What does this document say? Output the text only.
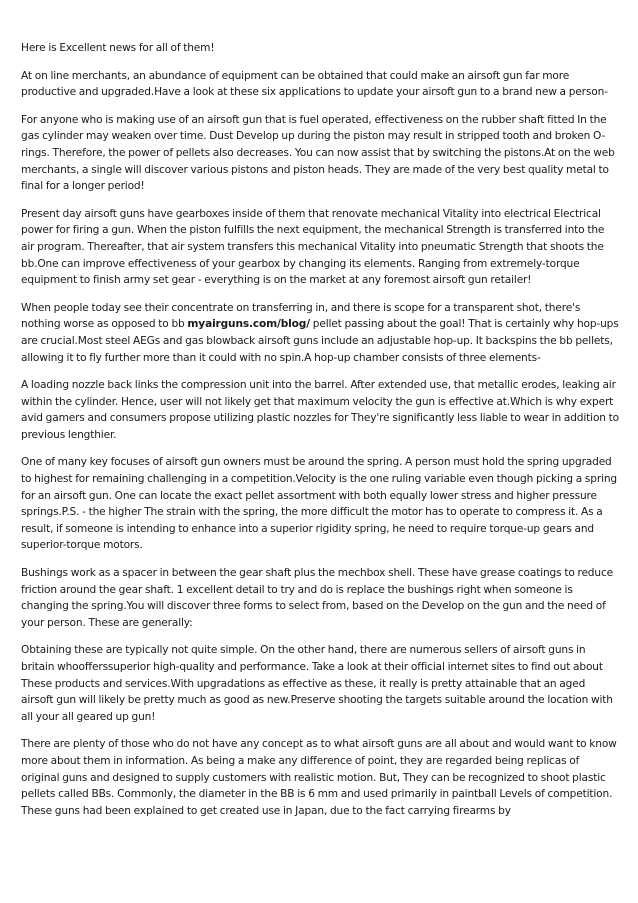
Here is Excellent news for all of them!

At on line merchants, an abundance of equipment can be obtained that could make an airsoft gun far more productive and upgraded.Have a look at these six applications to update your airsoft gun to a brand new a person-

For anyone who is making use of an airsoft gun that is fuel operated, effectiveness on the rubber shaft fitted In the gas cylinder may weaken over time. Dust Develop up during the piston may result in stripped tooth and broken O-rings. Therefore, the power of pellets also decreases. You can now assist that by switching the pistons.At on the web merchants, a single will discover various pistons and piston heads. They are made of the very best quality metal to final for a longer period!

Present day airsoft guns have gearboxes inside of them that renovate mechanical Vitality into electrical Electrical power for firing a gun. When the piston fulfills the next equipment, the mechanical Strength is transferred into the air program. Thereafter, that air system transfers this mechanical Vitality into pneumatic Strength that shoots the bb.One can improve effectiveness of your gearbox by changing its elements. Ranging from extremely-torque equipment to finish army set gear - everything is on the market at any foremost airsoft gun retailer!

When people today see their concentrate on transferring in, and there is scope for a transparent shot, there's nothing worse as opposed to bb myairguns.com/blog/ pellet passing about the goal! That is certainly why hop-ups are crucial.Most steel AEGs and gas blowback airsoft guns include an adjustable hop-up. It backspins the bb pellets, allowing it to fly further more than it could with no spin.A hop-up chamber consists of three elements-

A loading nozzle back links the compression unit into the barrel. After extended use, that metallic erodes, leaking air within the cylinder. Hence, user will not likely get that maximum velocity the gun is effective at.Which is why expert avid gamers and consumers propose utilizing plastic nozzles for They're significantly less liable to wear in addition to previous lengthier.

One of many key focuses of airsoft gun owners must be around the spring. A person must hold the spring upgraded to highest for remaining challenging in a competition.Velocity is the one ruling variable even though picking a spring for an airsoft gun. One can locate the exact pellet assortment with both equally lower stress and higher pressure springs.P.S. - the higher The strain with the spring, the more difficult the motor has to operate to compress it. As a result, if someone is intending to enhance into a superior rigidity spring, he need to require torque-up gears and superior-torque motors.

Bushings work as a spacer in between the gear shaft plus the mechbox shell. These have grease coatings to reduce friction around the gear shaft. 1 excellent detail to try and do is replace the bushings right when someone is changing the spring.You will discover three forms to select from, based on the Develop on the gun and the need of your person. These are generally:

Obtaining these are typically not quite simple. On the other hand, there are numerous sellers of airsoft guns in britain whoofferssuperior high-quality and performance. Take a look at their official internet sites to find out about These products and services.With upgradations as effective as these, it really is pretty attainable that an aged airsoft gun will likely be pretty much as good as new.Preserve shooting the targets suitable around the location with all your all geared up gun!

There are plenty of those who do not have any concept as to what airsoft guns are all about and would want to know more about them in information. As being a make any difference of point, they are regarded being replicas of original guns and designed to supply customers with realistic motion. But, They can be recognized to shoot plastic pellets called BBs. Commonly, the diameter in the BB is 6 mm and used primarily in paintball Levels of competition. These guns had been explained to get created use in Japan, due to the fact carrying firearms by
